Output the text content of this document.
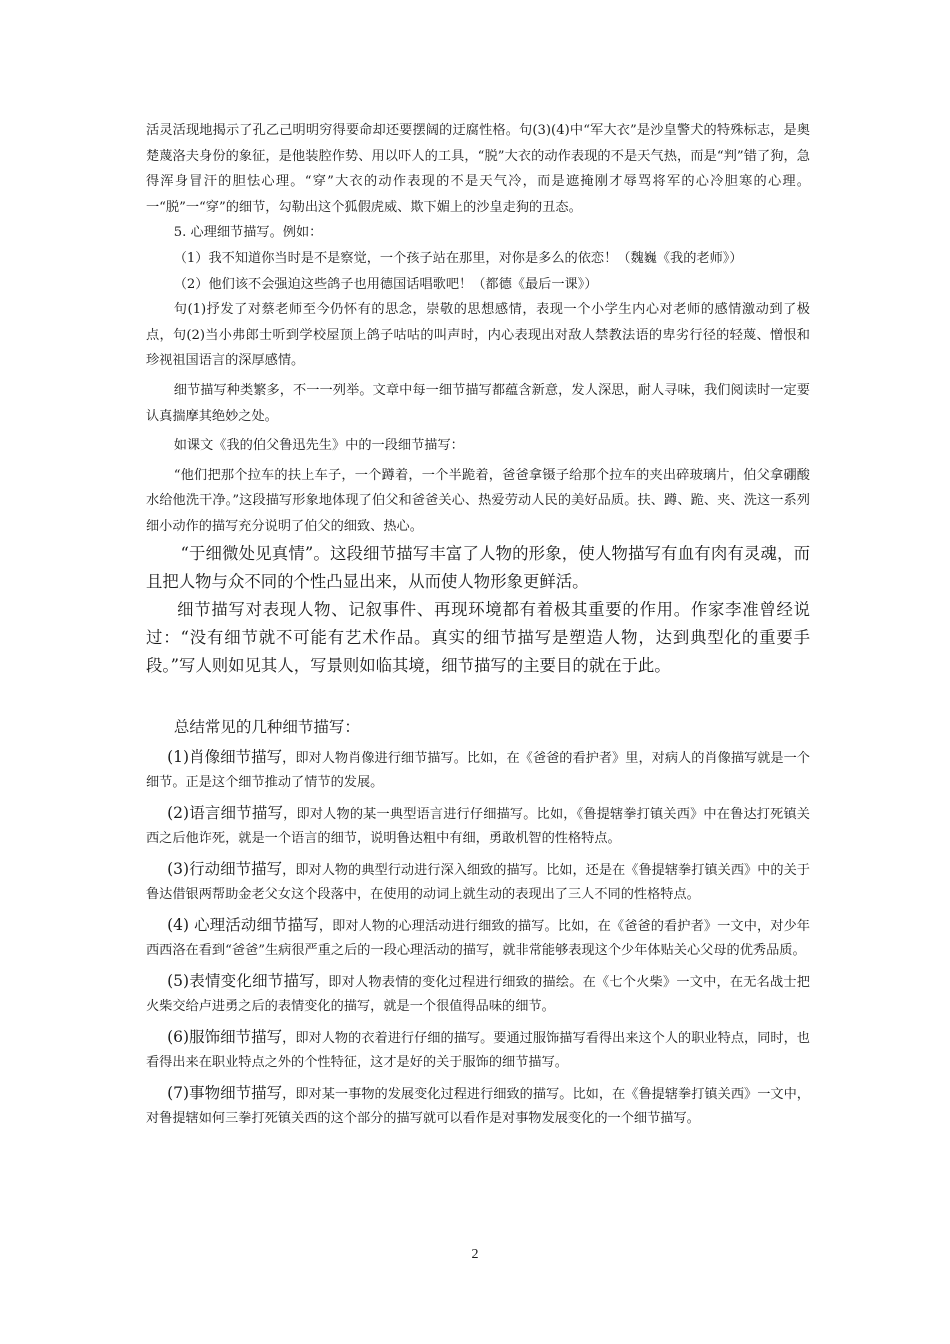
活灵活现地揭示了孔乙己明明穷得要命却还要摆阔的迂腐性格。句(3)(4)中“军大衣”是沙皇警犬的特殊标志，是奥楚蔑洛夫身份的象征，是他装腔作势、用以吓人的工具，“脱”大衣的动作表现的不是天气热，而是“判”错了狗，急得浑身冒汗的胆怯心理。“穿”大衣的动作表现的不是天气冷，而是遮掩刚才辱骂将军的心冷胆寒的心理。一“脱”一“穿”的细节，勾勒出这个狐假虎威、欺下媚上的沙皇走狗的丑态。

5. 心理细节描写。例如：

（1）我不知道你当时是不是察觉，一个孩子站在那里，对你是多么的依恋！（魏巍《我的老师》）

（2）他们该不会强迫这些鸽子也用德国话唱歌吧！（都德《最后一课》）

句(1)抒发了对蔡老师至今仍怀有的思念，崇敬的思想感情，表现一个小学生内心对老师的感情激动到了极点，句(2)当小弗郎士听到学校屋顶上鸽子咕咕的叫声时，内心表现出对敌人禁教法语的卑劣行径的轻蔑、憎恨和珍视祖国语言的深厚感情。

细节描写种类繁多，不一一列举。文章中每一细节描写都蕴含新意，发人深思，耐人寻味，我们阅读时一定要认真揣摩其绝妙之处。

如课文《我的伯父鲁迅先生》中的一段细节描写：

“他们把那个拉车的扶上车子，一个蹲着，一个半跪着，爸爸拿镊子给那个拉车的夹出碎玻璃片，伯父拿硼酸水给他洗干净。”这段描写形象地体现了伯父和爸爸关心、热爱劳动人民的美好品质。扶、蹲、跪、夹、洗这一系列细小动作的描写充分说明了伯父的细致、热心。

“于细微处见真情”。这段细节描写丰富了人物的形象，使人物描写有血有肉有灵魂，而且把人物与众不同的个性凸显出来，从而使人物形象更鲜活。

细节描写对表现人物、记叙事件、再现环境都有着极其重要的作用。作家李准曾经说过：“没有细节就不可能有艺术作品。真实的细节描写是塑造人物，达到典型化的重要手段。”写人则如见其人，写景则如临其境，细节描写的主要目的就在于此。

总结常见的几种细节描写：

(1)肖像细节描写，即对人物肖像进行细节描写。比如，在《爸爸的看护者》里，对病人的肖像描写就是一个细节。正是这个细节推动了情节的发展。

(2)语言细节描写，即对人物的某一典型语言进行仔细描写。比如，《鲁提辖拳打镇关西》中在鲁达打死镇关西之后他诈死，就是一个语言的细节，说明鲁达粗中有细，勇敢机智的性格特点。

(3)行动细节描写，即对人物的典型行动进行深入细致的描写。比如，还是在《鲁提辖拳打镇关西》中的关于鲁达借银两帮助金老父女这个段落中，在使用的动词上就生动的表现出了三人不同的性格特点。

(4) 心理活动细节描写，即对人物的心理活动进行细致的描写。比如，在《爸爸的看护者》一文中，对少年西西洛在看到“爸爸”生病很严重之后的一段心理活动的描写，就非常能够表现这个少年体贴关心父母的优秀品质。

(5)表情变化细节描写，即对人物表情的变化过程进行细致的描绘。在《七个火柴》一文中，在无名战士把火柴交给卢进勇之后的表情变化的描写，就是一个很值得品味的细节。

(6)服饰细节描写，即对人物的衣着进行仔细的描写。要通过服饰描写看得出来这个人的职业特点，同时，也看得出来在职业特点之外的个性特征，这才是好的关于服饰的细节描写。

(7)事物细节描写，即对某一事物的发展变化过程进行细致的描写。比如，在《鲁提辖拳打镇关西》一文中，对鲁提辖如何三拳打死镇关西的这个部分的描写就可以看作是对事物发展变化的一个细节描写。

2
